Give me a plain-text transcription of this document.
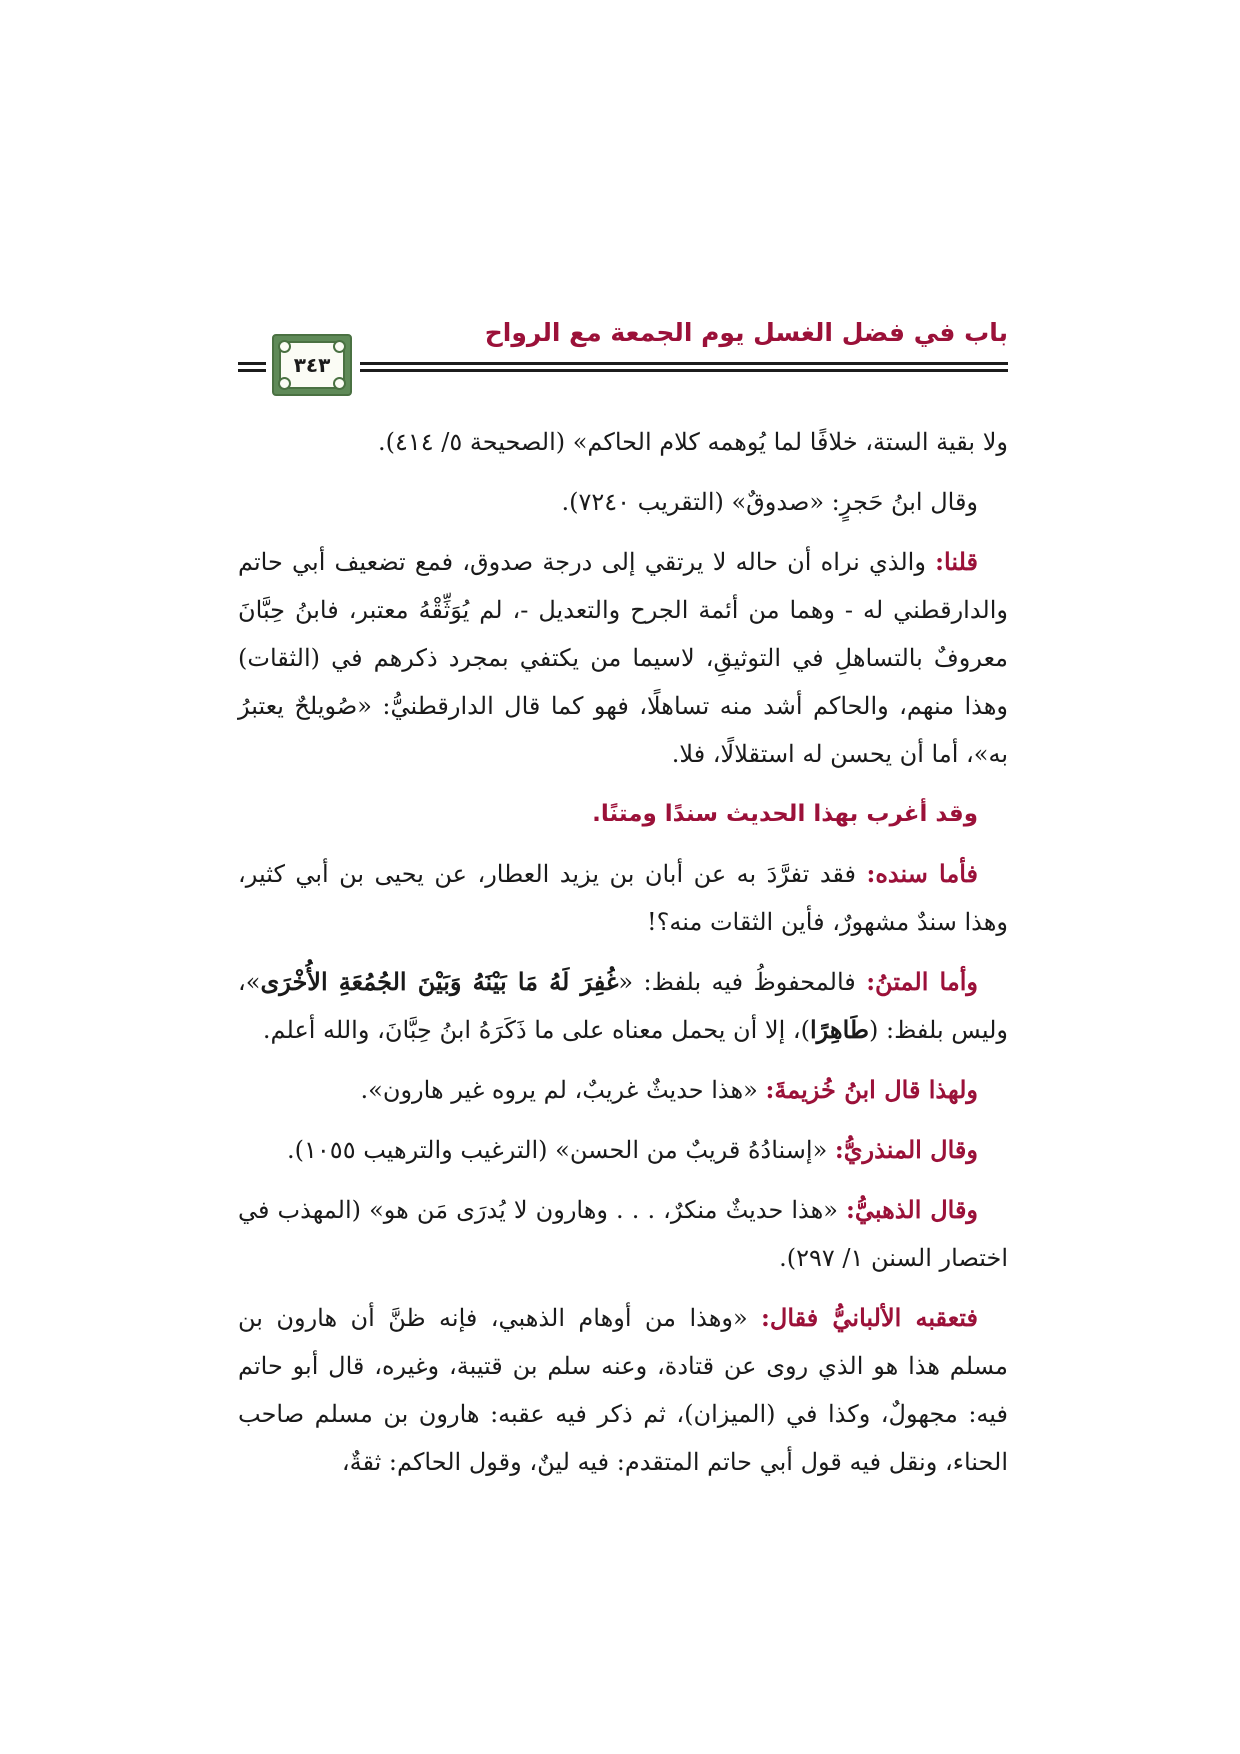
باب في فضل الغسل يوم الجمعة مع الرواح
٣٤٣

ولا بقية الستة، خلافًا لما يُوهمه كلام الحاكم» (الصحيحة ٥/ ٤١٤).

وقال ابنُ حَجرٍ: «صدوقٌ» (التقريب ٧٢٤٠).

قلنا: والذي نراه أن حاله لا يرتقي إلى درجة صدوق، فمع تضعيف أبي حاتم والدارقطني له - وهما من أئمة الجرح والتعديل -، لم يُوَثِّقْهُ معتبر، فابنُ حِبَّانَ معروفٌ بالتساهلِ في التوثيقِ، لاسيما من يكتفي بمجرد ذكرهم في (الثقات) وهذا منهم، والحاكم أشد منه تساهلًا، فهو كما قال الدارقطنيُّ: «صُويلحٌ يعتبرُ به»، أما أن يحسن له استقلالًا، فلا.

وقد أغرب بهذا الحديث سندًا ومتنًا.

فأما سنده: فقد تفرَّدَ به عن أبان بن يزيد العطار، عن يحيى بن أبي كثير، وهذا سندٌ مشهورٌ، فأين الثقات منه؟!

وأما المتنُ: فالمحفوظُ فيه بلفظ: «غُفِرَ لَهُ مَا بَيْنَهُ وَبَيْنَ الجُمُعَةِ الأُخْرَى»، وليس بلفظ: (طَاهِرًا)، إلا أن يحمل معناه على ما ذَكَرَهُ ابنُ حِبَّانَ، والله أعلم.

ولهذا قال ابنُ خُزيمةَ: «هذا حديثٌ غريبٌ، لم يروه غير هارون».

وقال المنذريُّ: «إسنادُهُ قريبٌ من الحسن» (الترغيب والترهيب ١٠٥٥).

وقال الذهبيُّ: «هذا حديثٌ منكرٌ، . . . وهارون لا يُدرَى مَن هو» (المهذب في اختصار السنن ١/ ٢٩٧).

فتعقبه الألبانيُّ فقال: «وهذا من أوهام الذهبي، فإنه ظنَّ أن هارون بن مسلم هذا هو الذي روى عن قتادة، وعنه سلم بن قتيبة، وغيره، قال أبو حاتم فيه: مجهولٌ، وكذا في (الميزان)، ثم ذكر فيه عقبه: هارون بن مسلم صاحب الحناء، ونقل فيه قول أبي حاتم المتقدم: فيه لينٌ، وقول الحاكم: ثقةٌ،
